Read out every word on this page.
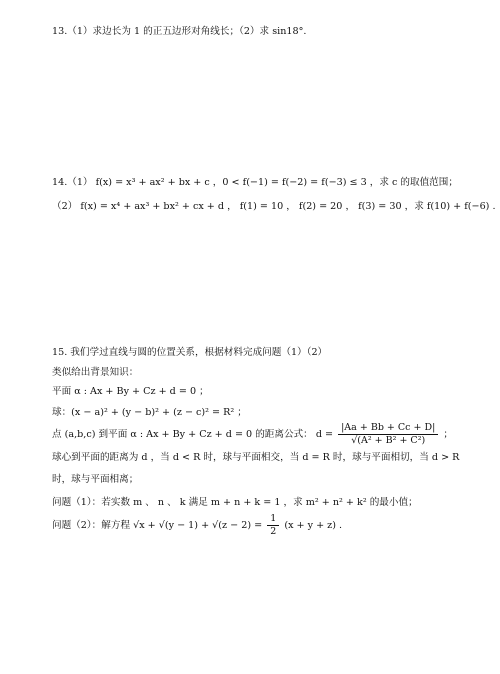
13.（1）求边长为 1 的正五边形对角线长；（2）求 sin18°.
14.（1） f(x) = x³ + ax² + bx + c ，0 < f(−1) = f(−2) = f(−3) ≤ 3 ，求 c 的取值范围；
（2） f(x) = x⁴ + ax³ + bx² + cx + d ， f(1) = 10 ， f(2) = 20 ， f(3) = 30 ，求 f(10) + f(−6) .
15. 我们学过直线与圆的位置关系，根据材料完成问题（1）（2）
类似给出背景知识：
平面 α : Ax + By + Cz + d = 0 ；
球：(x − a)² + (y − b)² + (z − c)² = R² ；
点 (a,b,c) 到平面 α : Ax + By + Cz + d = 0 的距离公式： $d = \frac{|Aa + Bb + Cc + D|}{\text{√(A² + B² + C²)}}$ ；
球心到平面的距离为 d ，当 d < R 时，球与平面相交，当 d = R 时，球与平面相切，当 d > R
时，球与平面相离；
问题（1）：若实数 m 、 n 、 k 满足 m + n + k = 1 ，求 m² + n² + k² 的最小值；
问题（2）：解方程 $√x + √(y - 1) + √(z - 2) = \frac{1}{2} (x + y + z)$ .
